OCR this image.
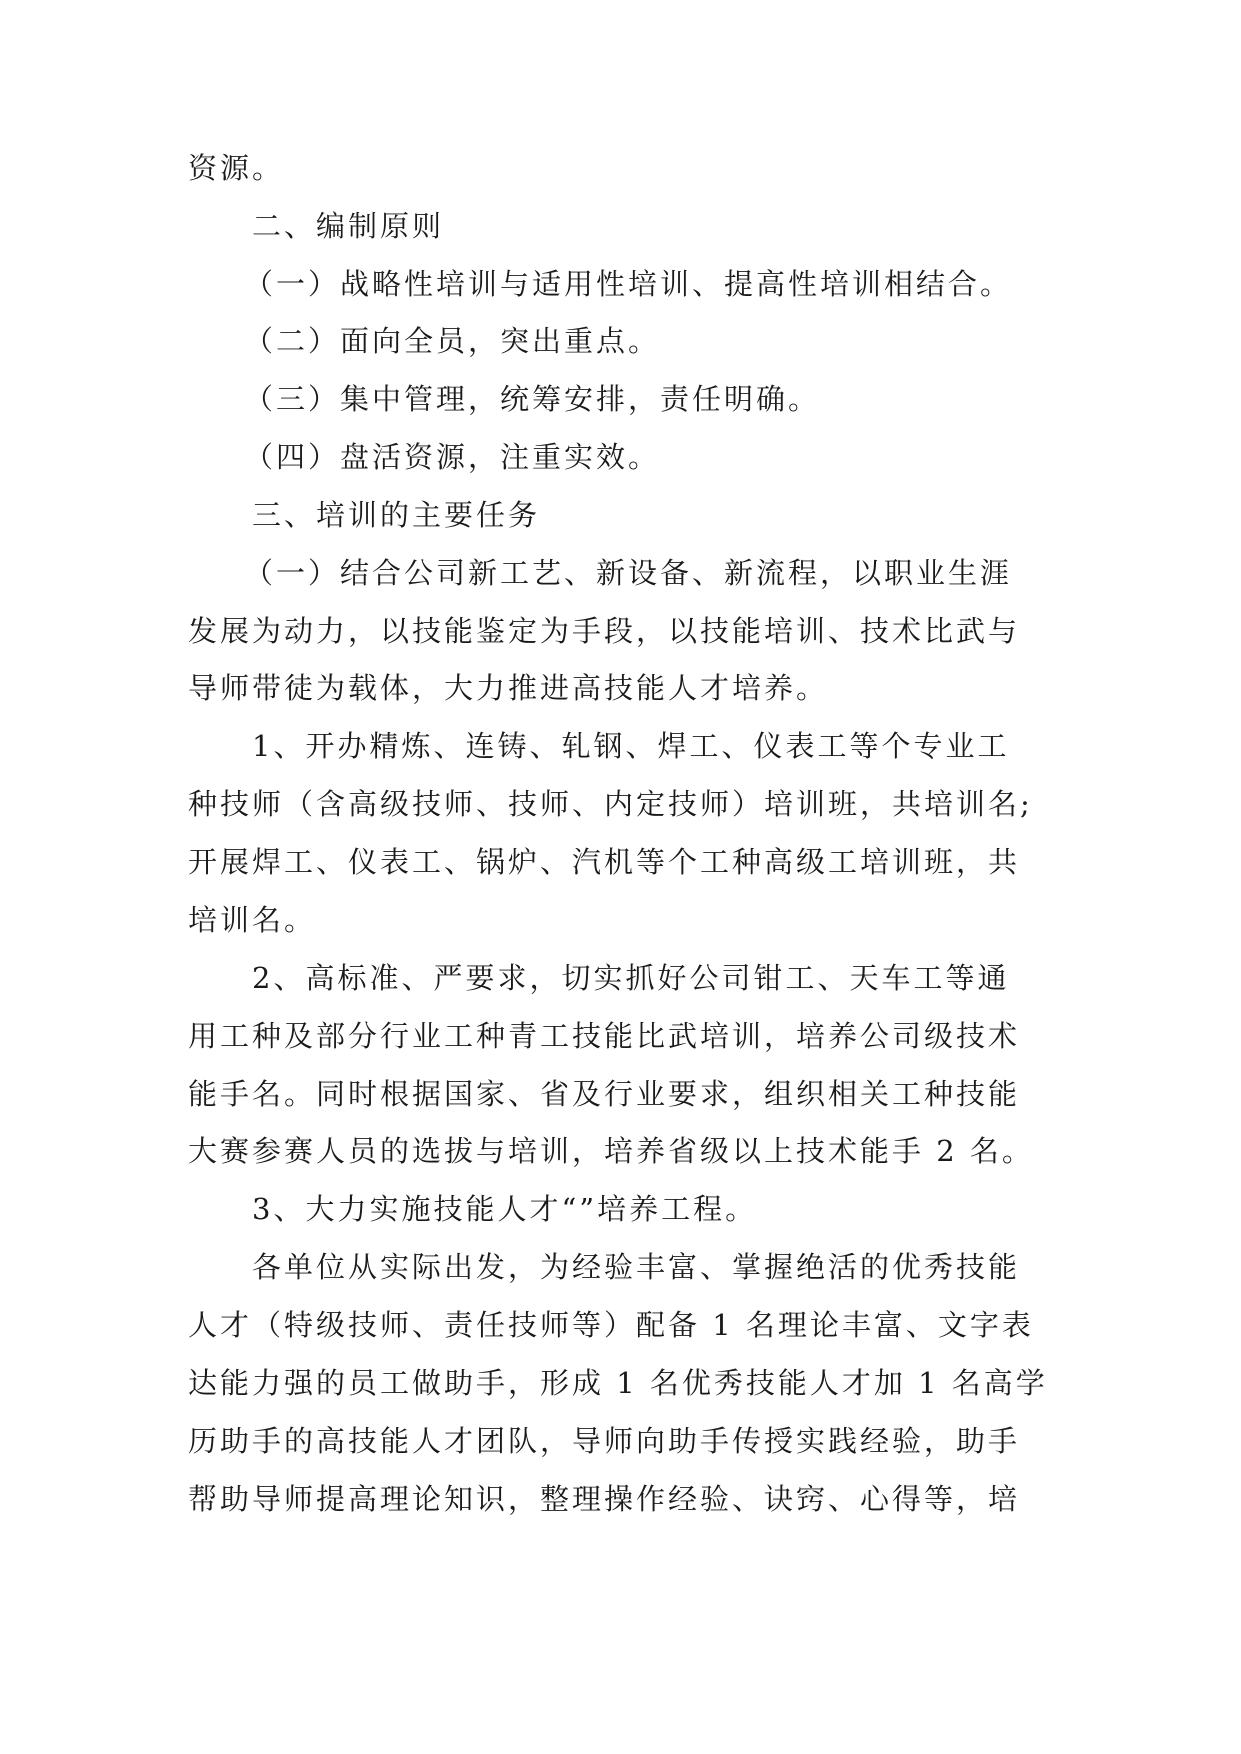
资源。
二、编制原则
（一）战略性培训与适用性培训、提高性培训相结合。
（二）面向全员，突出重点。
（三）集中管理，统筹安排，责任明确。
（四）盘活资源，注重实效。
三、培训的主要任务
（一）结合公司新工艺、新设备、新流程，以职业生涯
发展为动力，以技能鉴定为手段，以技能培训、技术比武与
导师带徒为载体，大力推进高技能人才培养。
1、开办精炼、连铸、轧钢、焊工、仪表工等个专业工
种技师（含高级技师、技师、内定技师）培训班，共培训名;
开展焊工、仪表工、锅炉、汽机等个工种高级工培训班，共
培训名。
2、高标准、严要求，切实抓好公司钳工、天车工等通
用工种及部分行业工种青工技能比武培训，培养公司级技术
能手名。同时根据国家、省及行业要求，组织相关工种技能
大赛参赛人员的选拔与培训，培养省级以上技术能手 2 名。
3、大力实施技能人才“”培养工程。
各单位从实际出发，为经验丰富、掌握绝活的优秀技能
人才（特级技师、责任技师等）配备 1 名理论丰富、文字表
达能力强的员工做助手，形成 1 名优秀技能人才加 1 名高学
历助手的高技能人才团队，导师向助手传授实践经验，助手
帮助导师提高理论知识，整理操作经验、诀窍、心得等，培
